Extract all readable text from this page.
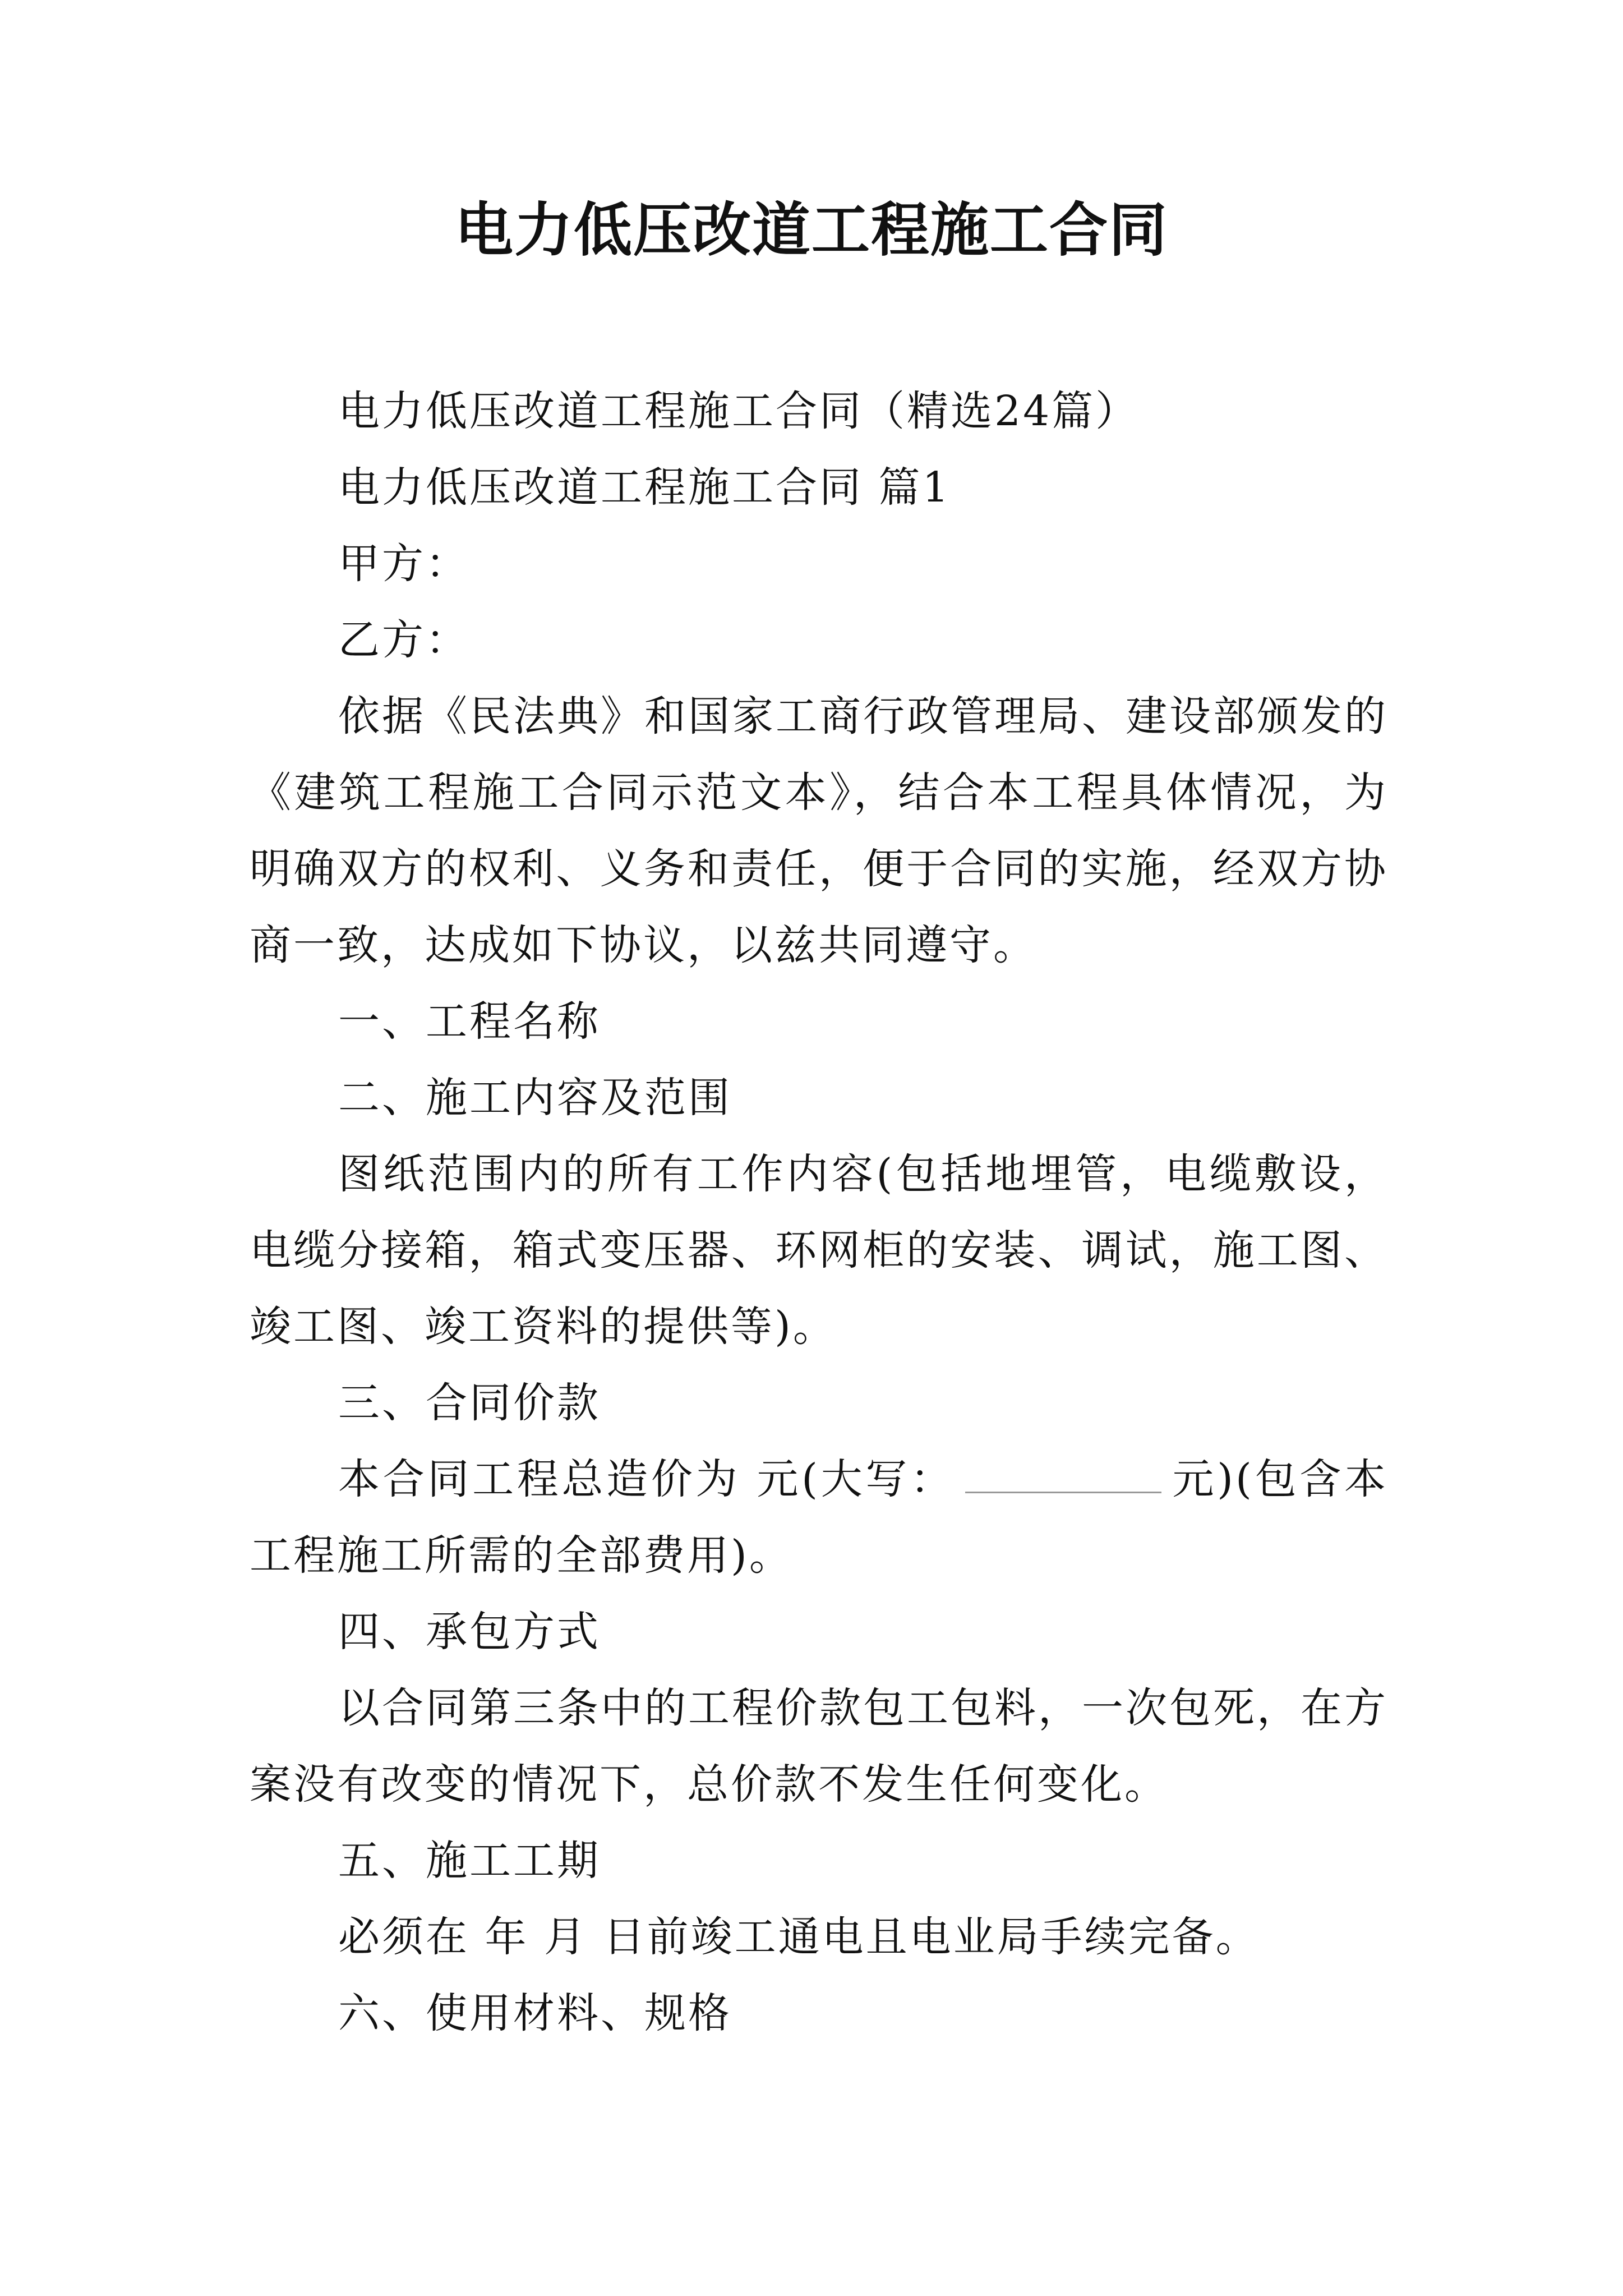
电力低压改道工程施工合同

电力低压改道工程施工合同（精选24篇）

电力低压改道工程施工合同 篇1

甲方：

乙方：

依据《民法典》和国家工商行政管理局、建设部颁发的《建筑工程施工合同示范文本》，结合本工程具体情况，为明确双方的权利、义务和责任，便于合同的实施，经双方协商一致，达成如下协议，以兹共同遵守。

一、工程名称

二、施工内容及范围

图纸范围内的所有工作内容(包括地埋管，电缆敷设，电缆分接箱，箱式变压器、环网柜的安装、调试，施工图、竣工图、竣工资料的提供等)。

三、合同价款

本合同工程总造价为 元(大写：	元)(包含本工程施工所需的全部费用)。

四、承包方式

以合同第三条中的工程价款包工包料，一次包死，在方案没有改变的情况下，总价款不发生任何变化。

五、施工工期

必须在 年 月 日前竣工通电且电业局手续完备。

六、使用材料、规格
